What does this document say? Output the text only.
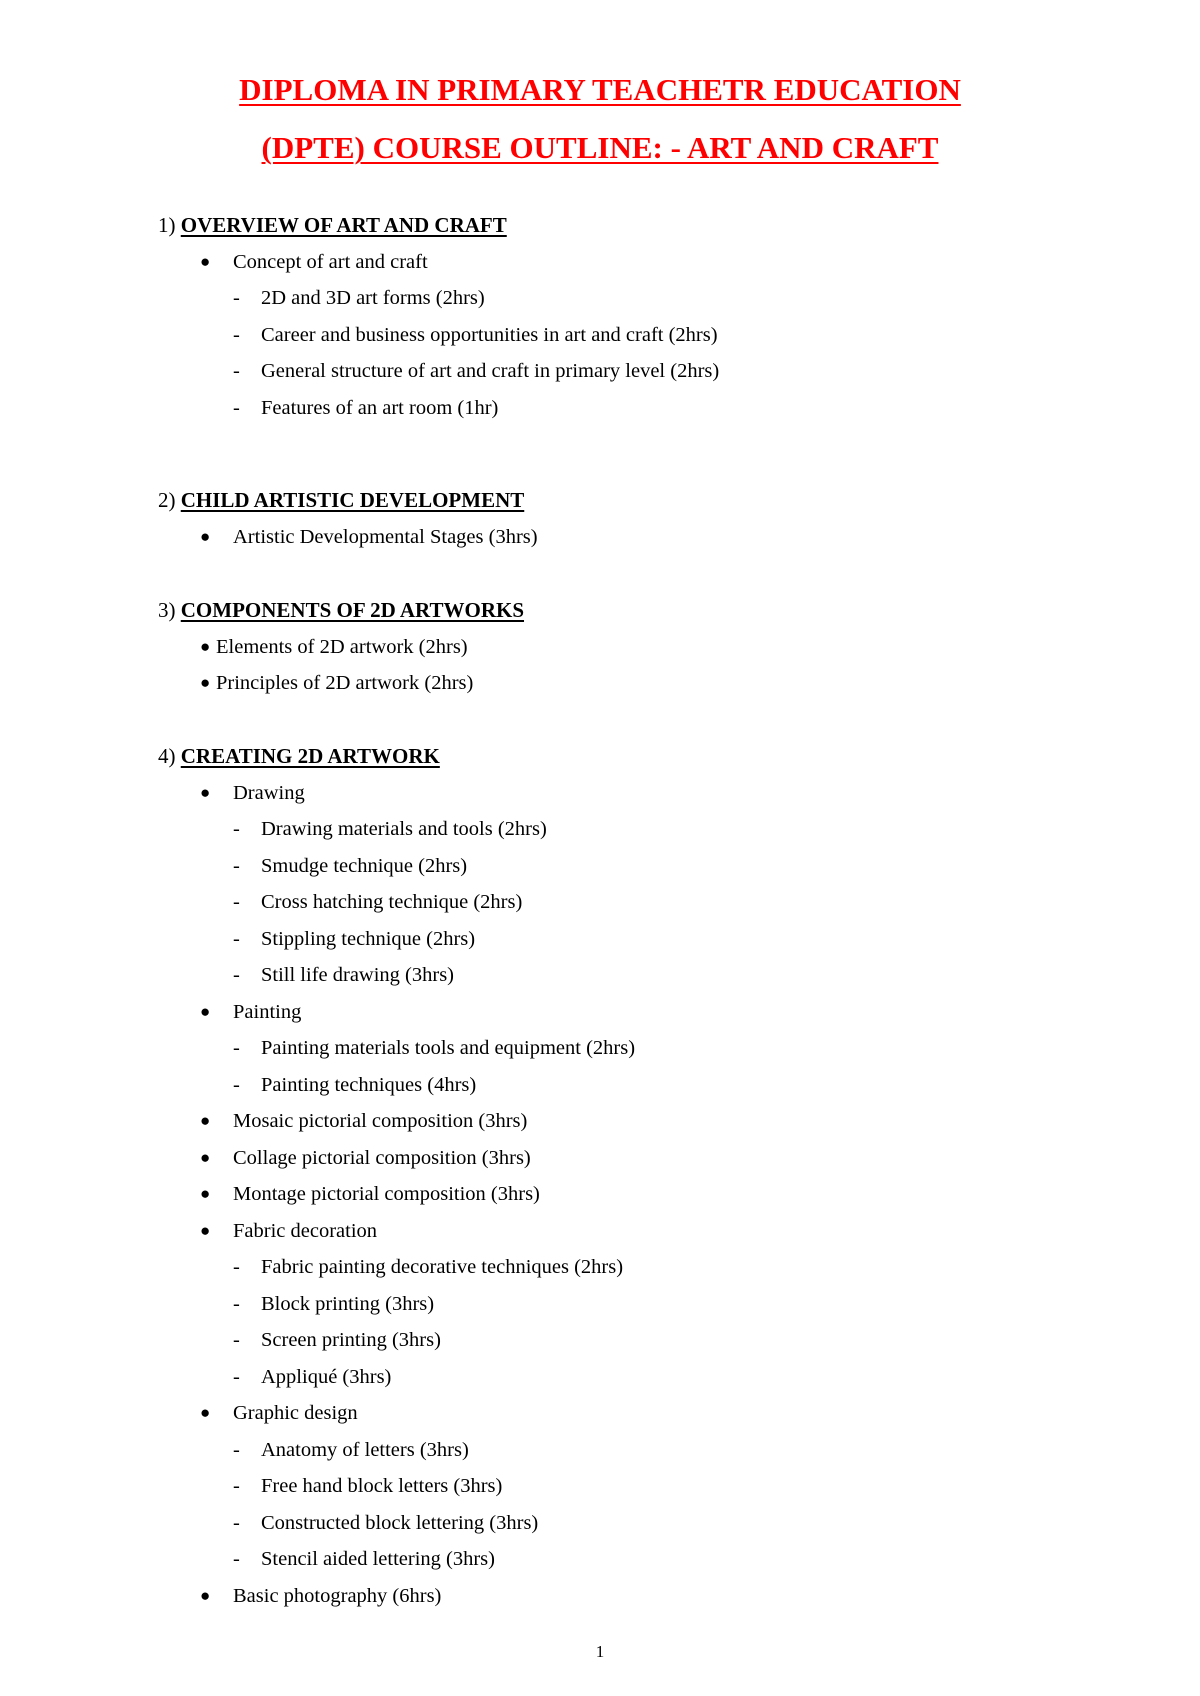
DIPLOMA IN PRIMARY TEACHETR EDUCATION
(DPTE) COURSE OUTLINE: - ART AND CRAFT
1) OVERVIEW OF ART AND CRAFT
● Concept of art and craft
- 2D and 3D art forms (2hrs)
- Career and business opportunities in art and craft (2hrs)
- General structure of art and craft in primary level (2hrs)
- Features of an art room (1hr)
2) CHILD ARTISTIC DEVELOPMENT
● Artistic Developmental Stages (3hrs)
3) COMPONENTS OF 2D ARTWORKS
● Elements of 2D artwork (2hrs)
● Principles of 2D artwork (2hrs)
4) CREATING 2D ARTWORK
● Drawing
- Drawing materials and tools (2hrs)
- Smudge technique (2hrs)
- Cross hatching technique (2hrs)
- Stippling technique (2hrs)
- Still life drawing (3hrs)
● Painting
- Painting materials tools and equipment (2hrs)
- Painting techniques (4hrs)
● Mosaic pictorial composition (3hrs)
● Collage pictorial composition (3hrs)
● Montage pictorial composition (3hrs)
● Fabric decoration
- Fabric painting decorative techniques (2hrs)
- Block printing (3hrs)
- Screen printing (3hrs)
- Appliqué (3hrs)
● Graphic design
- Anatomy of letters (3hrs)
- Free hand block letters (3hrs)
- Constructed block lettering (3hrs)
- Stencil aided lettering (3hrs)
● Basic photography (6hrs)
1
